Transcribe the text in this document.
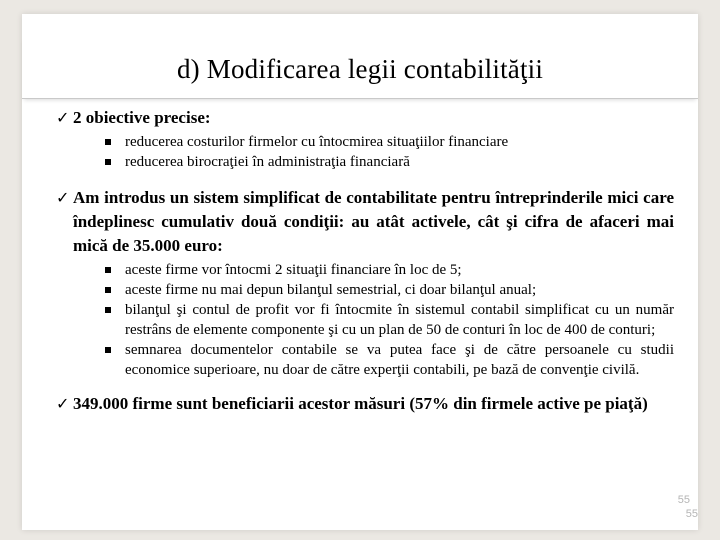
d) Modificarea legii contabilităţii
✓ 2 obiective precise:
reducerea costurilor firmelor cu întocmirea situaţiilor financiare
reducerea birocraţiei în administraţia financiară
✓ Am introdus un sistem simplificat de contabilitate pentru întreprinderile mici care îndeplinesc cumulativ două condiţii: au atât activele, cât şi cifra de afaceri mai mică de 35.000 euro:
aceste firme vor întocmi 2 situaţii financiare în loc de 5;
aceste firme nu mai depun bilanţul semestrial, ci doar bilanţul anual;
bilanţul şi contul de profit vor fi întocmite în sistemul contabil simplificat cu un număr restrâns de elemente componente şi cu un plan de 50 de conturi în loc de 400 de conturi;
semnarea documentelor contabile se va putea face şi de către persoanele cu studii economice superioare, nu doar de către experţii contabili, pe bază de convenţie civilă.
✓ 349.000 firme sunt beneficiarii acestor măsuri (57% din firmele active pe piaţă)
55
55
